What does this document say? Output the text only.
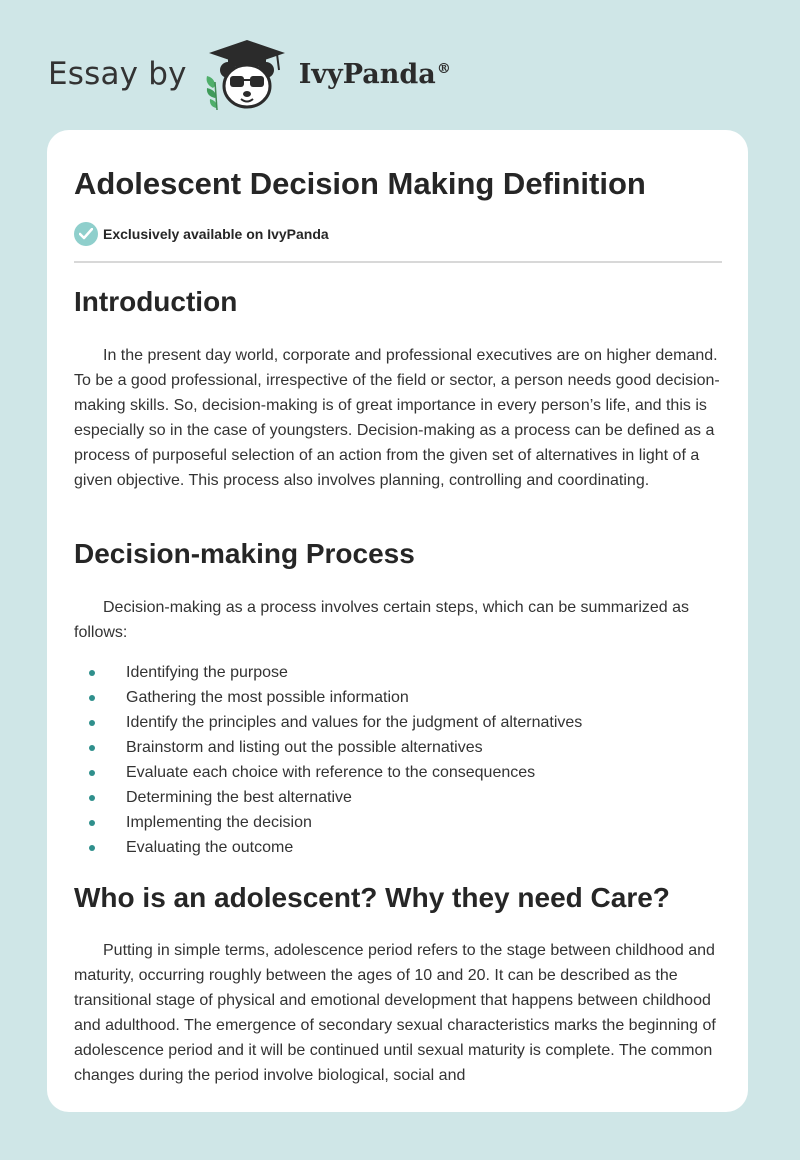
Essay by	IvyPanda®
Adolescent Decision Making Definition
Exclusively available on IvyPanda
Introduction

In the present day world, corporate and professional executives are on higher demand. To be a good professional, irrespective of the field or sector, a person needs good decision-making skills. So, decision-making is of great importance in every person’s life, and this is especially so in the case of youngsters. Decision-making as a process can be defined as a process of purposeful selection of an action from the given set of alternatives in light of a given objective. This process also involves planning, controlling and coordinating.

Decision-making Process

Decision-making as a process involves certain steps, which can be summarized as follows:

Identifying the purpose
Gathering the most possible information
Identify the principles and values for the judgment of alternatives
Brainstorm and listing out the possible alternatives
Evaluate each choice with reference to the consequences
Determining the best alternative
Implementing the decision
Evaluating the outcome
Who is an adolescent? Why they need Care?

Putting in simple terms, adolescence period refers to the stage between childhood and maturity, occurring roughly between the ages of 10 and 20. It can be described as the transitional stage of physical and emotional development that happens between childhood and adulthood. The emergence of secondary sexual characteristics marks the beginning of adolescence period and it will be continued until sexual maturity is complete. The common changes during the period involve biological, social and
